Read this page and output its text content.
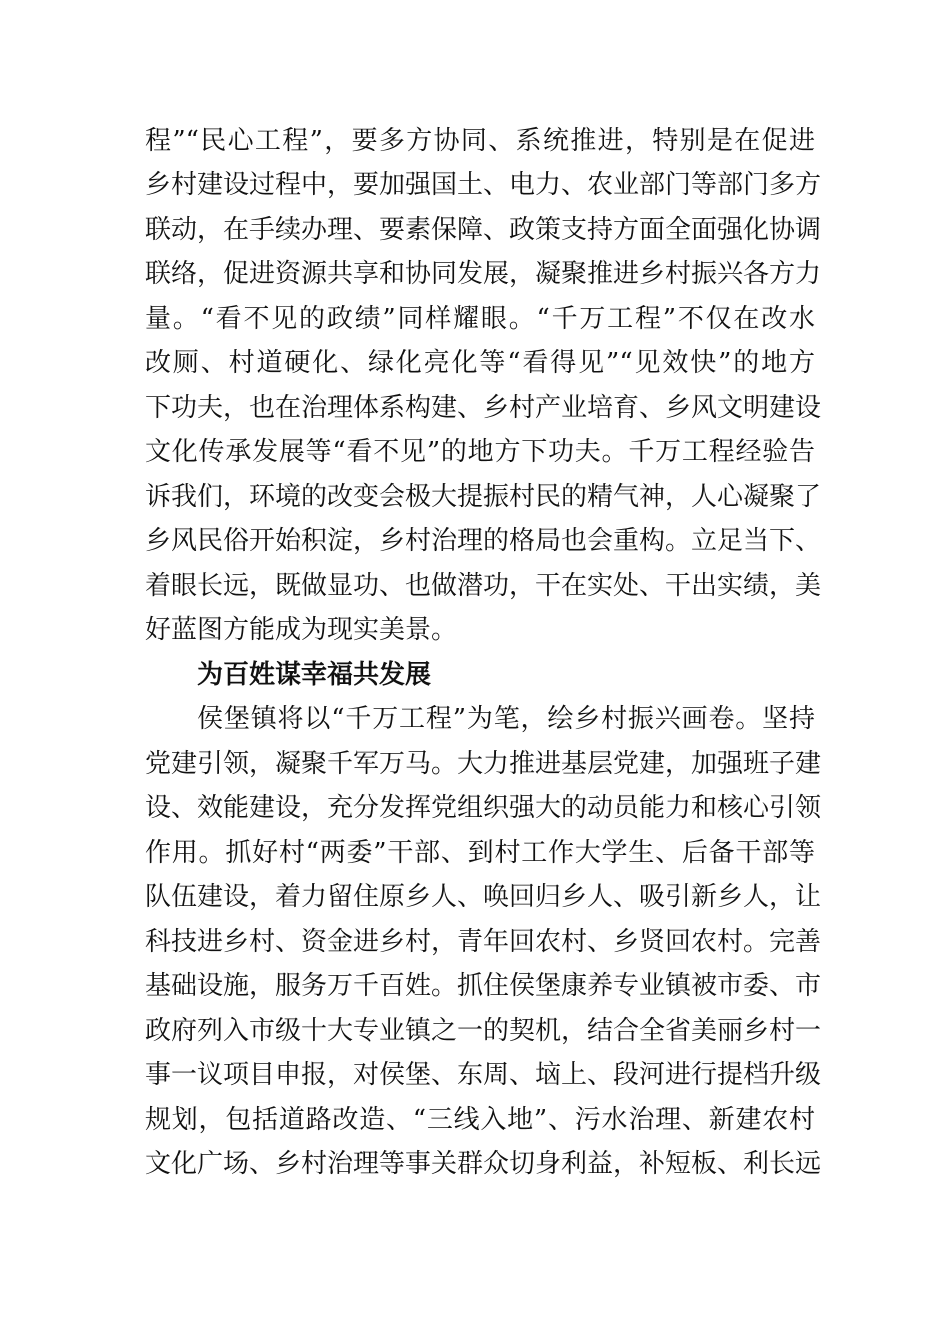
程”“民心工程”，要多方协同、系统推进，特别是在促进
乡村建设过程中，要加强国土、电力、农业部门等部门多方
联动，在手续办理、要素保障、政策支持方面全面强化协调
联络，促进资源共享和协同发展，凝聚推进乡村振兴各方力
量。“看不见的政绩”同样耀眼。“千万工程”不仅在改水
改厕、村道硬化、绿化亮化等“看得见”“见效快”的地方
下功夫，也在治理体系构建、乡村产业培育、乡风文明建设
文化传承发展等“看不见”的地方下功夫。千万工程经验告
诉我们，环境的改变会极大提振村民的精气神，人心凝聚了
乡风民俗开始积淀，乡村治理的格局也会重构。立足当下、
着眼长远，既做显功、也做潜功，干在实处、干出实绩，美
好蓝图方能成为现实美景。
为百姓谋幸福共发展
侯堡镇将以“千万工程”为笔，绘乡村振兴画卷。坚持
党建引领，凝聚千军万马。大力推进基层党建，加强班子建
设、效能建设，充分发挥党组织强大的动员能力和核心引领
作用。抓好村“两委”干部、到村工作大学生、后备干部等
队伍建设，着力留住原乡人、唤回归乡人、吸引新乡人，让
科技进乡村、资金进乡村，青年回农村、乡贤回农村。完善
基础设施，服务万千百姓。抓住侯堡康养专业镇被市委、市
政府列入市级十大专业镇之一的契机，结合全省美丽乡村一
事一议项目申报，对侯堡、东周、垴上、段河进行提档升级
规划，包括道路改造、“三线入地”、污水治理、新建农村
文化广场、乡村治理等事关群众切身利益，补短板、利长远
